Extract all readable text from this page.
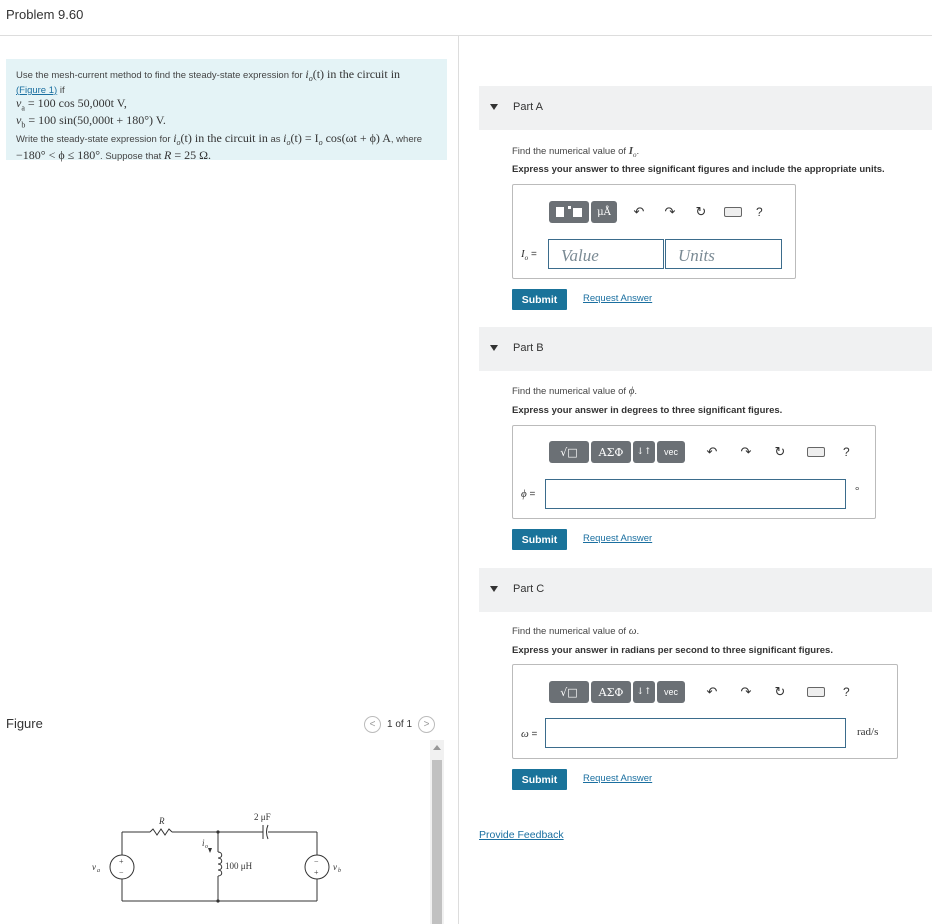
Problem 9.60
Use the mesh-current method to find the steady-state expression for $i_o(t)$ in the circuit in
(Figure 1) if
$v_a = 100$ cos 50,000t V,
$v_b = 100$ sin(50,000t + 180°) V.
Write the steady-state expression for $i_o(t)$ in the circuit in as $i_o(t) = I_o$ cos(ωt + ϕ) A, where
−180° < ϕ ≤ 180°. Suppose that R = 25 Ω.
Figure	<	1 of 1	>
R	2 μF
100 μH
i o
v a	v b
+
−
−
+
Part A
Find the numerical value of $I_o$.
Express your answer to three significant figures and include the appropriate units.
μÅ	↶	↷	↻	?
$I_o$ = Value	Units
Submit	Request Answer
Part B
Find the numerical value of ϕ.
Express your answer in degrees to three significant figures.
√□	ΑΣΦ	↓↑	vec	↶	↷	↻	?
ϕ =	°
Submit	Request Answer
Part C
Find the numerical value of ω.
Express your answer in radians per second to three significant figures.
√□	ΑΣΦ	↓↑	vec	↶	↷	↻	?
ω =	rad/s
Submit	Request Answer
Provide Feedback
